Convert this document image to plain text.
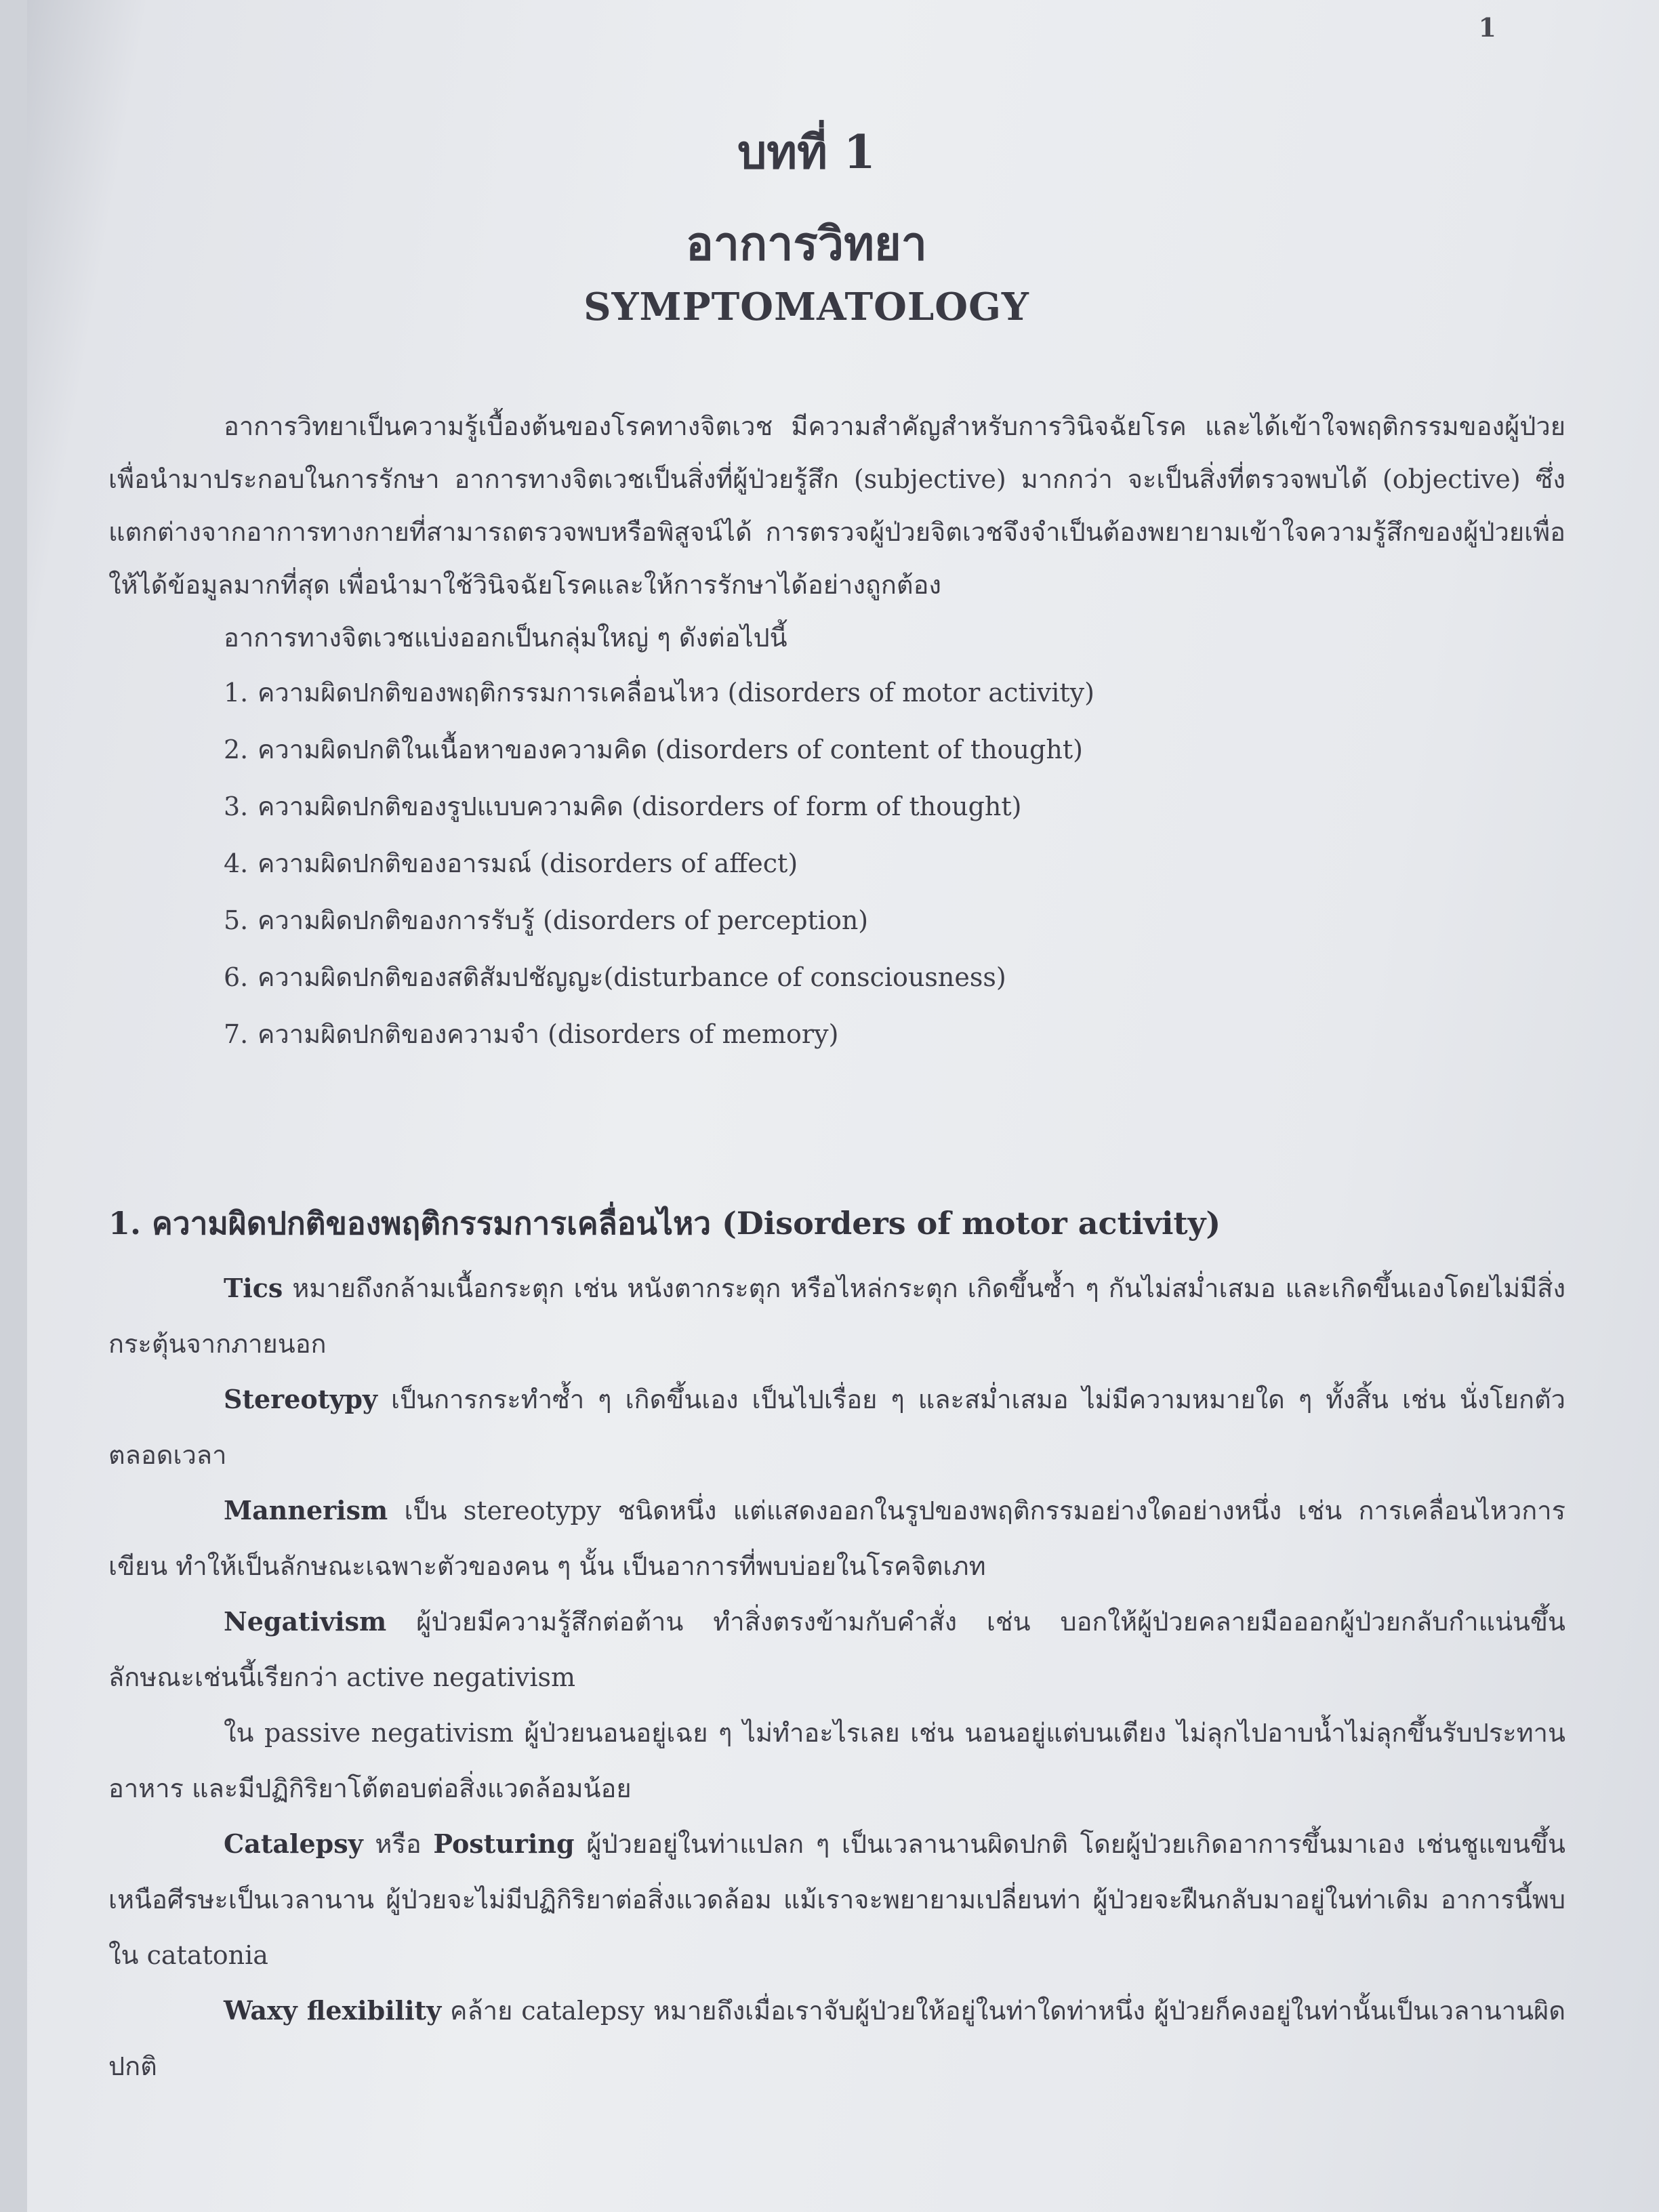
1
บทที่ 1
อาการวิทยา
SYMPTOMATOLOGY

อาการวิทยาเป็นความรู้เบื้องต้นของโรคทางจิตเวช มีความสำคัญสำหรับการวินิจฉัยโรค และได้เข้าใจพฤติกรรมของผู้ป่วยเพื่อนำมาประกอบในการรักษา อาการทางจิตเวชเป็นสิ่งที่ผู้ป่วยรู้สึก (subjective) มากกว่า จะเป็นสิ่งที่ตรวจพบได้ (objective) ซึ่งแตกต่างจากอาการทางกายที่สามารถตรวจพบหรือพิสูจน์ได้ การตรวจผู้ป่วยจิตเวชจึงจำเป็นต้องพยายามเข้าใจความรู้สึกของผู้ป่วยเพื่อให้ได้ข้อมูลมากที่สุด เพื่อนำมาใช้วินิจฉัยโรคและให้การรักษาได้อย่างถูกต้อง

อาการทางจิตเวชแบ่งออกเป็นกลุ่มใหญ่ ๆ ดังต่อไปนี้

1. ความผิดปกติของพฤติกรรมการเคลื่อนไหว (disorders of motor activity)
2. ความผิดปกติในเนื้อหาของความคิด (disorders of content of thought)
3. ความผิดปกติของรูปแบบความคิด (disorders of form of thought)
4. ความผิดปกติของอารมณ์ (disorders of affect)
5. ความผิดปกติของการรับรู้ (disorders of perception)
6. ความผิดปกติของสติสัมปชัญญะ(disturbance of consciousness)
7. ความผิดปกติของความจำ (disorders of memory)
1. ความผิดปกติของพฤติกรรมการเคลื่อนไหว (Disorders of motor activity)

Tics หมายถึงกล้ามเนื้อกระตุก เช่น หนังตากระตุก หรือไหล่กระตุก เกิดขึ้นซ้ำ ๆ กันไม่สม่ำเสมอ และเกิดขึ้นเองโดยไม่มีสิ่งกระตุ้นจากภายนอก

Stereotypy เป็นการกระทำซ้ำ ๆ เกิดขึ้นเอง เป็นไปเรื่อย ๆ และสม่ำเสมอ ไม่มีความหมายใด ๆ ทั้งสิ้น เช่น นั่งโยกตัวตลอดเวลา

Mannerism เป็น stereotypy ชนิดหนึ่ง แต่แสดงออกในรูปของพฤติกรรมอย่างใดอย่างหนึ่ง เช่น การเคลื่อนไหวการเขียน ทำให้เป็นลักษณะเฉพาะตัวของคน ๆ นั้น เป็นอาการที่พบบ่อยในโรคจิตเภท

Negativism ผู้ป่วยมีความรู้สึกต่อต้าน ทำสิ่งตรงข้ามกับคำสั่ง เช่น บอกให้ผู้ป่วยคลายมือออกผู้ป่วยกลับกำแน่นขึ้น ลักษณะเช่นนี้เรียกว่า active negativism

ใน passive negativism ผู้ป่วยนอนอยู่เฉย ๆ ไม่ทำอะไรเลย เช่น นอนอยู่แต่บนเตียง ไม่ลุกไปอาบน้ำไม่ลุกขึ้นรับประทานอาหาร และมีปฏิกิริยาโต้ตอบต่อสิ่งแวดล้อมน้อย

Catalepsy หรือ Posturing ผู้ป่วยอยู่ในท่าแปลก ๆ เป็นเวลานานผิดปกติ โดยผู้ป่วยเกิดอาการขึ้นมาเอง เช่นชูแขนขึ้นเหนือศีรษะเป็นเวลานาน ผู้ป่วยจะไม่มีปฏิกิริยาต่อสิ่งแวดล้อม แม้เราจะพยายามเปลี่ยนท่า ผู้ป่วยจะฝืนกลับมาอยู่ในท่าเดิม อาการนี้พบใน catatonia

Waxy flexibility คล้าย catalepsy หมายถึงเมื่อเราจับผู้ป่วยให้อยู่ในท่าใดท่าหนึ่ง ผู้ป่วยก็คงอยู่ในท่านั้นเป็นเวลานานผิดปกติ
